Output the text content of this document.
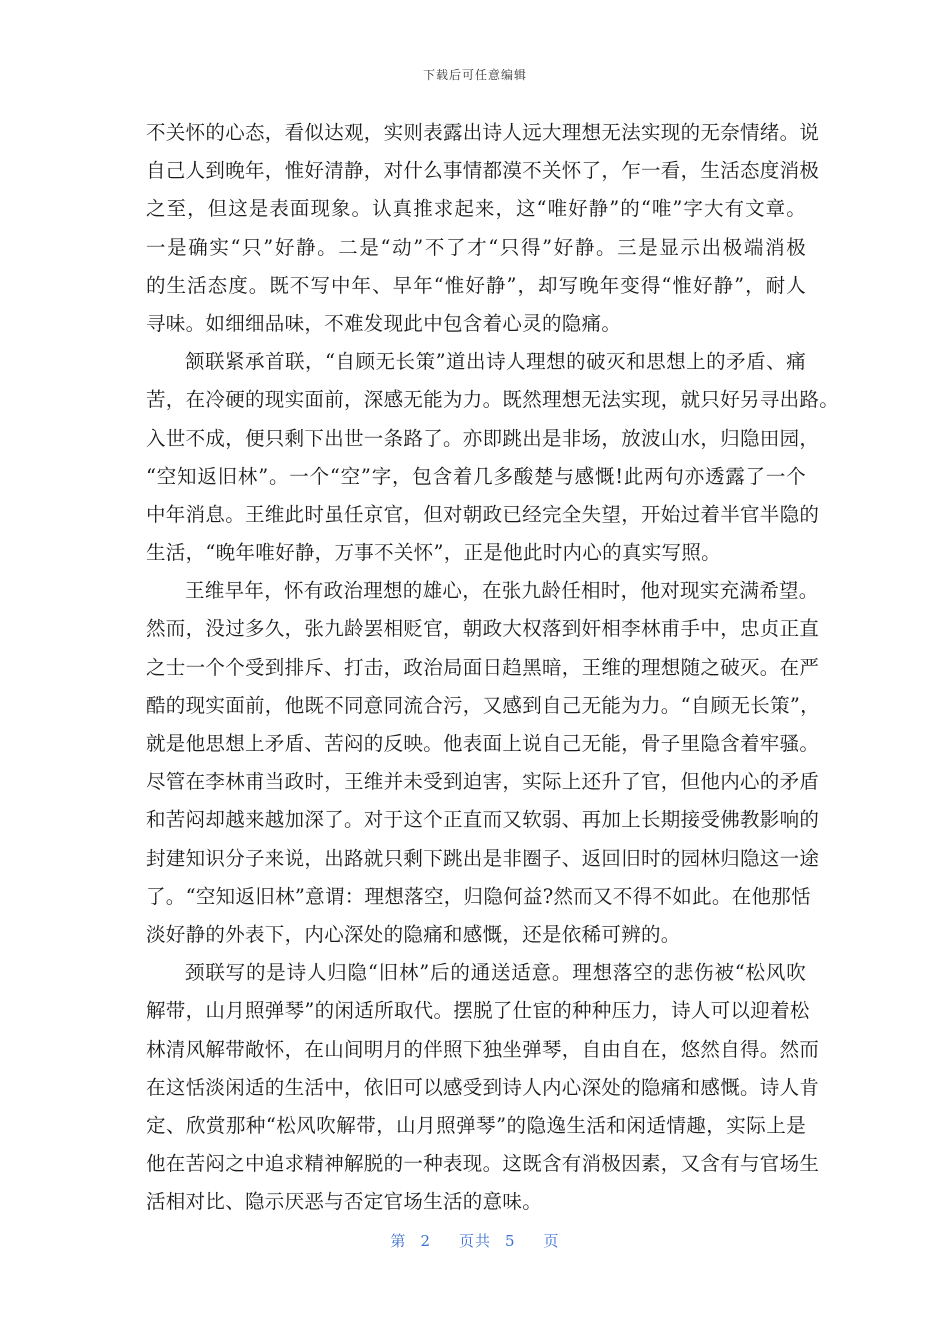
下载后可任意编辑
不关怀的心态，看似达观，实则表露出诗人远大理想无法实现的无奈情绪。说
自己人到晚年，惟好清静，对什么事情都漠不关怀了，乍一看，生活态度消极
之至，但这是表面现象。认真推求起来，这“唯好静”的“唯”字大有文章。
一是确实“只”好静。二是“动”不了才“只得”好静。三是显示出极端消极
的生活态度。既不写中年、早年“惟好静”，却写晚年变得“惟好静”，耐人
寻味。如细细品味，不难发现此中包含着心灵的隐痛。
颔联紧承首联，“自顾无长策”道出诗人理想的破灭和思想上的矛盾、痛
苦，在冷硬的现实面前，深感无能为力。既然理想无法实现，就只好另寻出路。
入世不成，便只剩下出世一条路了。亦即跳出是非场，放波山水，归隐田园，
“空知返旧林”。一个“空”字，包含着几多酸楚与感慨!此两句亦透露了一个
中年消息。王维此时虽任京官，但对朝政已经完全失望，开始过着半官半隐的
生活，“晚年唯好静，万事不关怀”，正是他此时内心的真实写照。
王维早年，怀有政治理想的雄心，在张九龄任相时，他对现实充满希望。
然而，没过多久，张九龄罢相贬官，朝政大权落到奸相李林甫手中，忠贞正直
之士一个个受到排斥、打击，政治局面日趋黑暗，王维的理想随之破灭。在严
酷的现实面前，他既不同意同流合污，又感到自己无能为力。“自顾无长策”，
就是他思想上矛盾、苦闷的反映。他表面上说自己无能，骨子里隐含着牢骚。
尽管在李林甫当政时，王维并未受到迫害，实际上还升了官，但他内心的矛盾
和苦闷却越来越加深了。对于这个正直而又软弱、再加上长期接受佛教影响的
封建知识分子来说，出路就只剩下跳出是非圈子、返回旧时的园林归隐这一途
了。“空知返旧林”意谓：理想落空，归隐何益?然而又不得不如此。在他那恬
淡好静的外表下，内心深处的隐痛和感慨，还是依稀可辨的。
颈联写的是诗人归隐“旧林”后的通送适意。理想落空的悲伤被“松风吹
解带，山月照弹琴”的闲适所取代。摆脱了仕宦的种种压力，诗人可以迎着松
林清风解带敞怀，在山间明月的伴照下独坐弹琴，自由自在，悠然自得。然而
在这恬淡闲适的生活中，依旧可以感受到诗人内心深处的隐痛和感慨。诗人肯
定、欣赏那种“松风吹解带，山月照弹琴”的隐逸生活和闲适情趣，实际上是
他在苦闷之中追求精神解脱的一种表现。这既含有消极因素，又含有与官场生
活相对比、隐示厌恶与否定官场生活的意味。
第 2 页共 5 页
